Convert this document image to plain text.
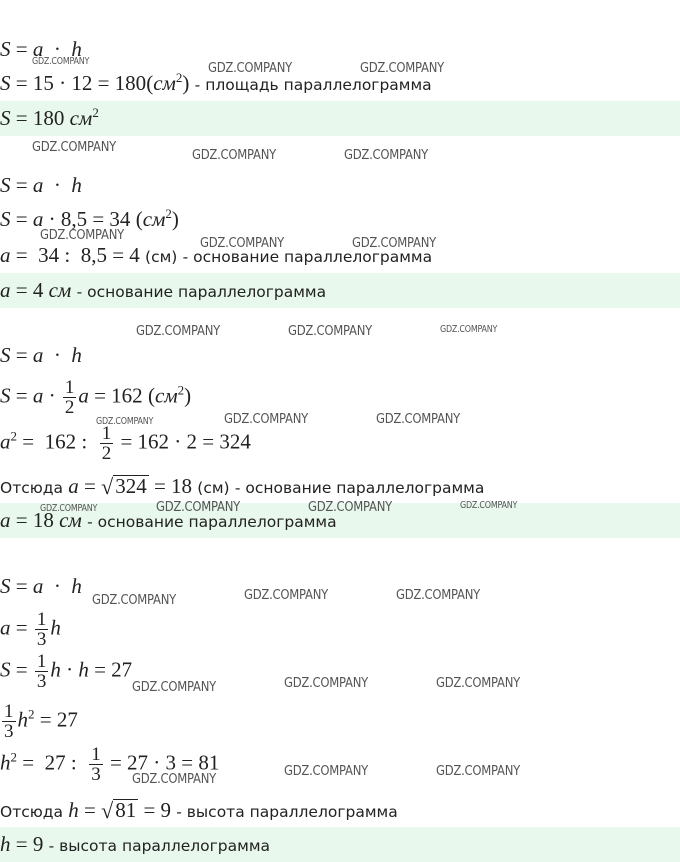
S = a  ·  h
$S = 15 \cdot 12 = 180(см^2)$ - площадь параллелограмма
S = 180 $см^2$
S = a  ·  h
S = a · 8,5 = 34 $(см^2)$
a =  34 :  8,5 = 4 (см) - основание параллелограмма
a = 4 см - основание параллелограмма
S = a  ·  h
$S = a \cdot \frac{1}{2}$ a = 162 $(см^2)$
$a^2 = 162$ : $\frac{1}{2} = 162 \cdot 2 = 324$
Отсюда a = √324 = 18 (см) - основание параллелограмма
a = 18 см - основание параллелограмма
S = a  ·  h
$a = \frac{1}{3}$ h
$S = \frac{1}{3}$ h · h = 27
$\frac{1}{3} h^2 = 27$
$h^2 = 27$ : $\frac{1}{3} = 27 \cdot 3 = 81$
Отсюда h = √81 = 9 - высота параллелограмма
h = 9 - высота параллелограмма
GDZ.COMPANY	GDZ.COMPANY	GDZ.COMPANY
GDZ.COMPANY	GDZ.COMPANY	GDZ.COMPANY
GDZ.COMPANY	GDZ.COMPANY	GDZ.COMPANY
GDZ.COMPANY	GDZ.COMPANY	GDZ.COMPANY
GDZ.COMPANY	GDZ.COMPANY	GDZ.COMPANY
GDZ.COMPANY	GDZ.COMPANY	GDZ.COMPANY	GDZ.COMPANY
GDZ.COMPANY	GDZ.COMPANY	GDZ.COMPANY
GDZ.COMPANY	GDZ.COMPANY	GDZ.COMPANY
GDZ.COMPANY	GDZ.COMPANY	GDZ.COMPANY
